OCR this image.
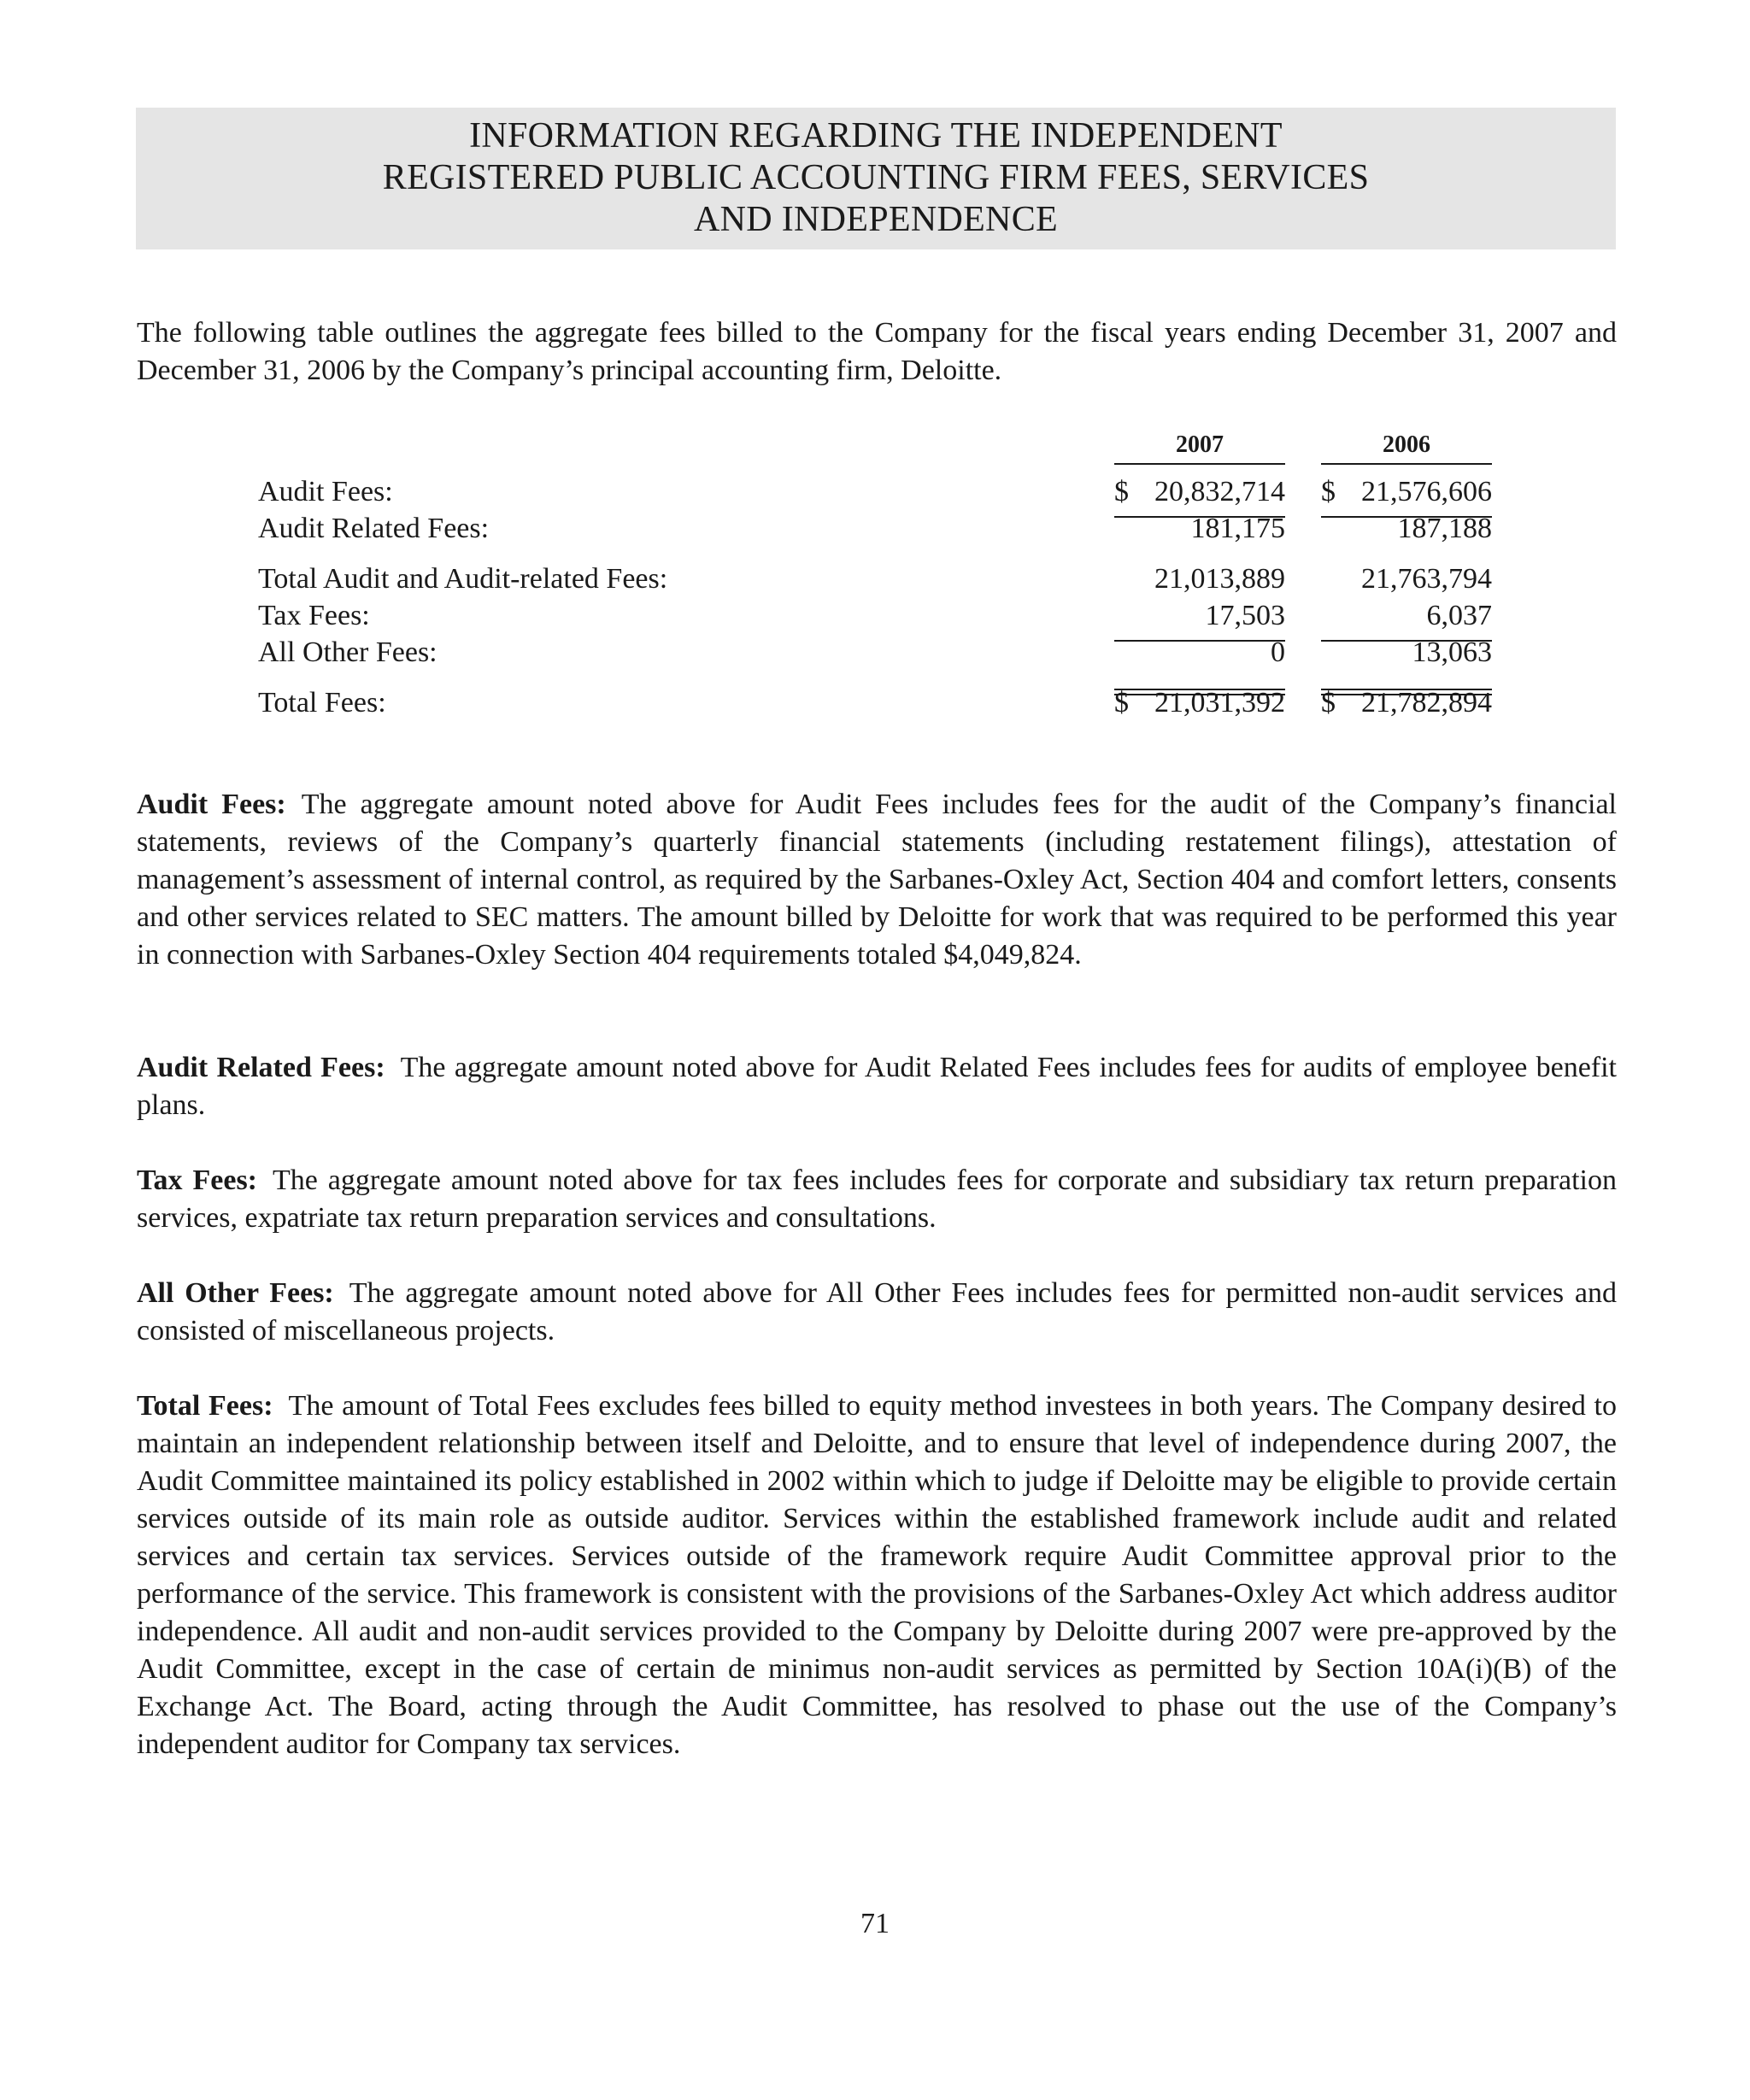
INFORMATION REGARDING THE INDEPENDENT
REGISTERED PUBLIC ACCOUNTING FIRM FEES, SERVICES
AND INDEPENDENCE
The following table outlines the aggregate fees billed to the Company for the fiscal years ending December 31, 2007 and December 31, 2006 by the Company’s principal accounting firm, Deloitte.
2007	2006
Audit Fees:	$ 20,832,714 $ 21,576,606
Audit Related Fees:	181,175	187,188
Total Audit and Audit-related Fees:	21,013,889	21,763,794
Tax Fees:	17,503	6,037
All Other Fees:	0	13,063
Total Fees:	$ 21,031,392 $ 21,782,894
Audit Fees: The aggregate amount noted above for Audit Fees includes fees for the audit of the Company’s financial statements, reviews of the Company’s quarterly financial statements (including restatement filings), attestation of management’s assessment of internal control, as required by the Sarbanes-Oxley Act, Section 404 and comfort letters, consents and other services related to SEC matters. The amount billed by Deloitte for work that was required to be performed this year in connection with Sarbanes-Oxley Section 404 requirements totaled $4,049,824.
Audit Related Fees: The aggregate amount noted above for Audit Related Fees includes fees for audits of employee benefit plans.
Tax Fees: The aggregate amount noted above for tax fees includes fees for corporate and subsidiary tax return preparation services, expatriate tax return preparation services and consultations.
All Other Fees: The aggregate amount noted above for All Other Fees includes fees for permitted non-audit services and consisted of miscellaneous projects.
Total Fees: The amount of Total Fees excludes fees billed to equity method investees in both years. The Company desired to maintain an independent relationship between itself and Deloitte, and to ensure that level of independence during 2007, the Audit Committee maintained its policy established in 2002 within which to judge if Deloitte may be eligible to provide certain services outside of its main role as outside auditor. Services within the established framework include audit and related services and certain tax services. Services outside of the framework require Audit Committee approval prior to the performance of the service. This framework is consistent with the provisions of the Sarbanes-Oxley Act which address auditor independence. All audit and non-audit services provided to the Company by Deloitte during 2007 were pre-approved by the Audit Committee, except in the case of certain de minimus non-audit services as permitted by Section 10A(i)(B) of the Exchange Act. The Board, acting through the Audit Committee, has resolved to phase out the use of the Company’s independent auditor for Company tax services.
71
